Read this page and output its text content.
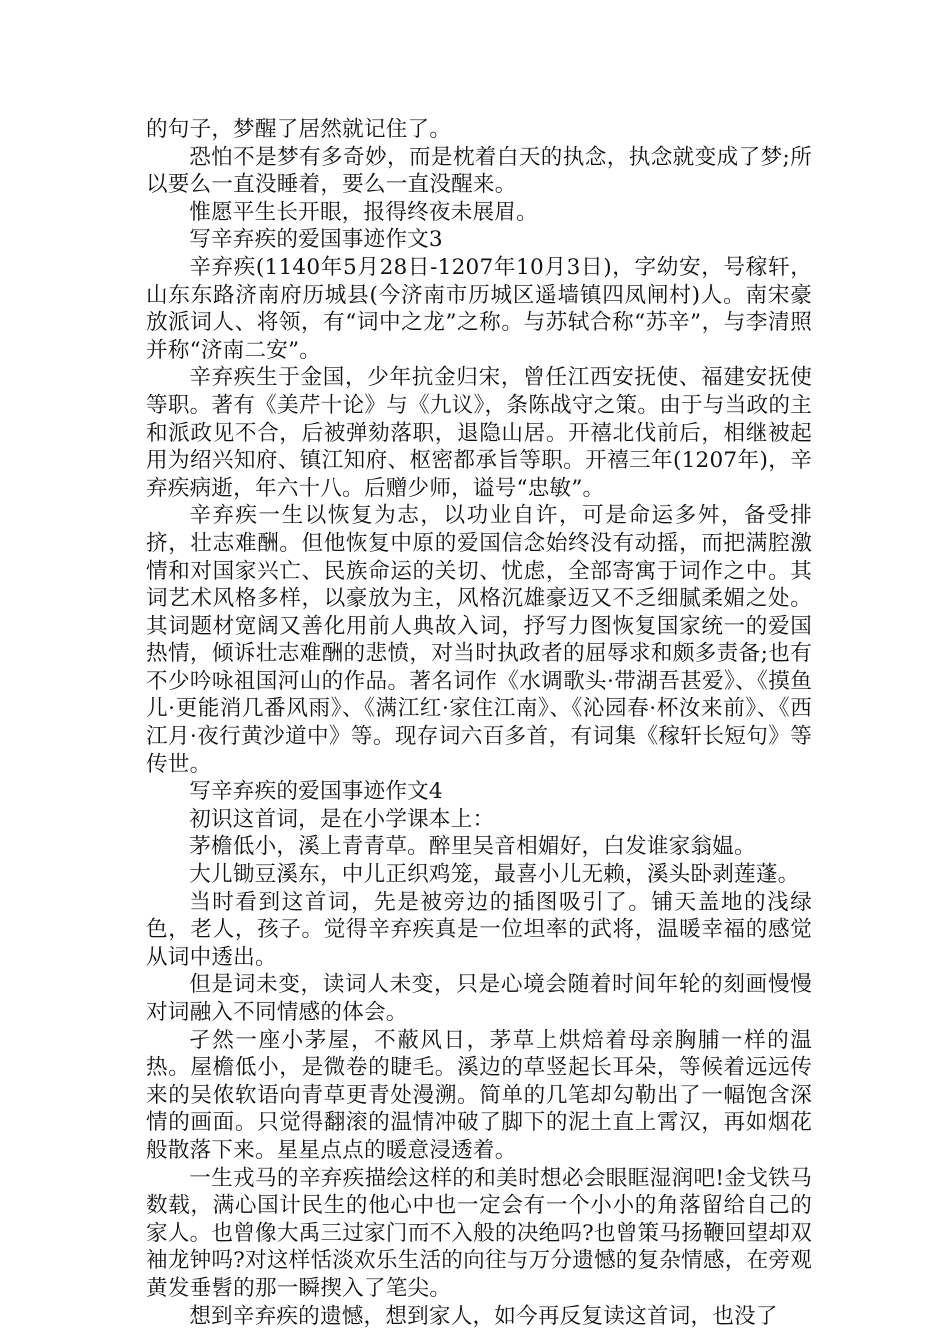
的句子，梦醒了居然就记住了。

恐怕不是梦有多奇妙，而是枕着白天的执念，执念就变成了梦;所以要么一直没睡着，要么一直没醒来。

惟愿平生长开眼，报得终夜未展眉。

写辛弃疾的爱国事迹作文3

辛弃疾(1140年5月28日-1207年10月3日)，字幼安，号稼轩，山东东路济南府历城县(今济南市历城区遥墙镇四凤闸村)人。南宋豪放派词人、将领，有“词中之龙”之称。与苏轼合称“苏辛”，与李清照并称“济南二安”。

辛弃疾生于金国，少年抗金归宋，曾任江西安抚使、福建安抚使等职。著有《美芹十论》与《九议》，条陈战守之策。由于与当政的主和派政见不合，后被弹劾落职，退隐山居。开禧北伐前后，相继被起用为绍兴知府、镇江知府、枢密都承旨等职。开禧三年(1207年)，辛弃疾病逝，年六十八。后赠少师，谥号“忠敏”。

辛弃疾一生以恢复为志，以功业自许，可是命运多舛，备受排挤，壮志难酬。但他恢复中原的爱国信念始终没有动摇，而把满腔激情和对国家兴亡、民族命运的关切、忧虑，全部寄寓于词作之中。其词艺术风格多样，以豪放为主，风格沉雄豪迈又不乏细腻柔媚之处。其词题材宽阔又善化用前人典故入词，抒写力图恢复国家统一的爱国热情，倾诉壮志难酬的悲愤，对当时执政者的屈辱求和颇多责备;也有不少吟咏祖国河山的作品。著名词作《水调歌头·带湖吾甚爱》、《摸鱼儿·更能消几番风雨》、《满江红·家住江南》、《沁园春·杯汝来前》、《西江月·夜行黄沙道中》等。现存词六百多首，有词集《稼轩长短句》等传世。

写辛弃疾的爱国事迹作文4

初识这首词，是在小学课本上：

茅檐低小，溪上青青草。醉里吴音相媚好，白发谁家翁媪。

大儿锄豆溪东，中儿正织鸡笼，最喜小儿无赖，溪头卧剥莲蓬。

当时看到这首词，先是被旁边的插图吸引了。铺天盖地的浅绿色，老人，孩子。觉得辛弃疾真是一位坦率的武将，温暖幸福的感觉从词中透出。

但是词未变，读词人未变，只是心境会随着时间年轮的刻画慢慢对词融入不同情感的体会。

孑然一座小茅屋，不蔽风日，茅草上烘焙着母亲胸脯一样的温热。屋檐低小，是微卷的睫毛。溪边的草竖起长耳朵，等候着远远传来的吴侬软语向青草更青处漫溯。简单的几笔却勾勒出了一幅饱含深情的画面。只觉得翻滚的温情冲破了脚下的泥土直上霄汉，再如烟花般散落下来。星星点点的暖意浸透着。

一生戎马的辛弃疾描绘这样的和美时想必会眼眶湿润吧!金戈铁马数载，满心国计民生的他心中也一定会有一个小小的角落留给自己的家人。也曾像大禹三过家门而不入般的决绝吗?也曾策马扬鞭回望却双袖龙钟吗?对这样恬淡欢乐生活的向往与万分遗憾的复杂情感，在旁观黄发垂髫的那一瞬揳入了笔尖。

想到辛弃疾的遗憾，想到家人，如今再反复读这首词，也没了
